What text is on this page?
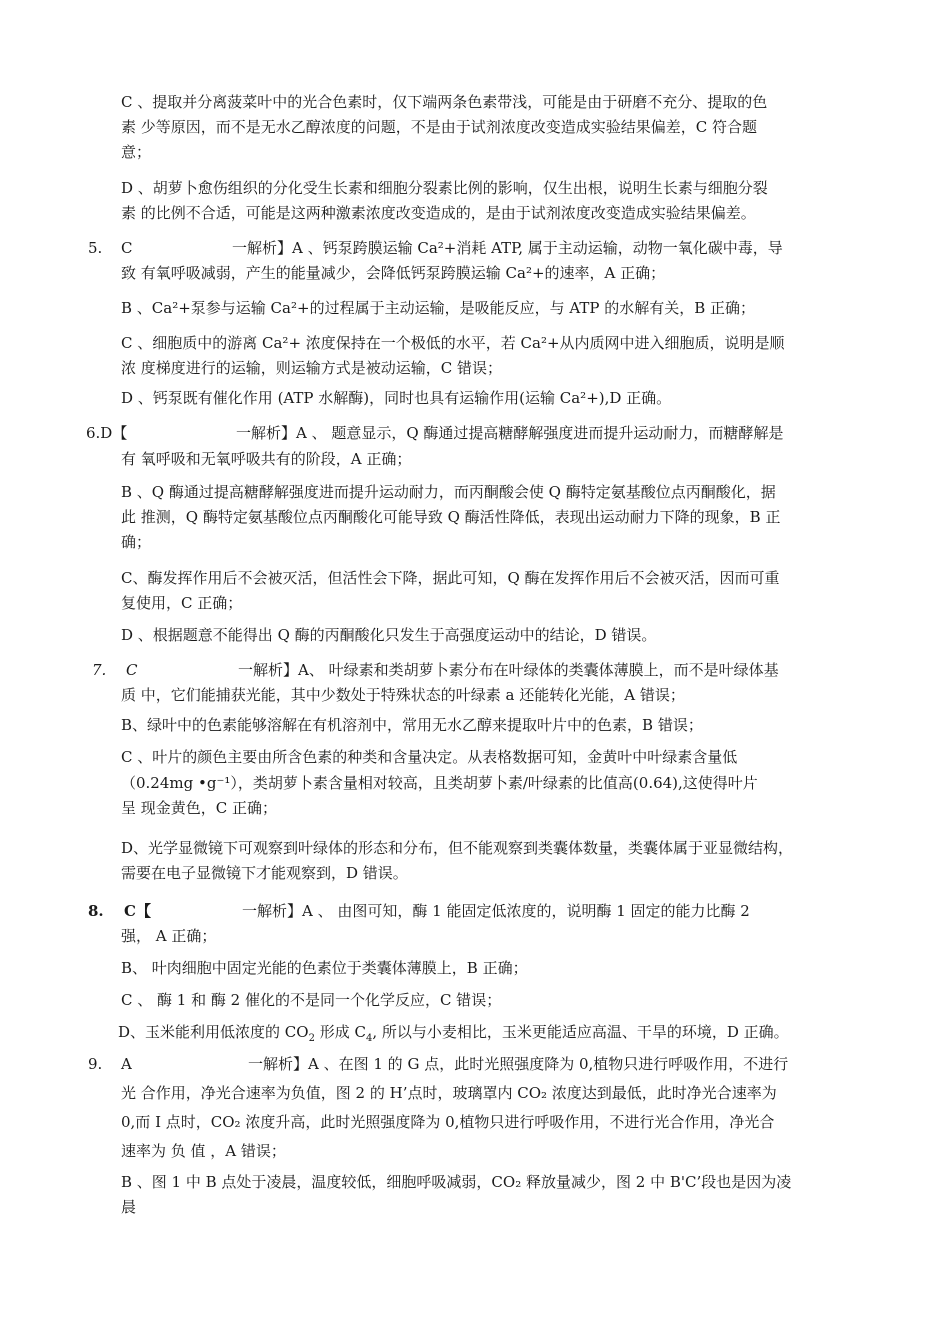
C 、提取并分离菠菜叶中的光合色素时，仅下端两条色素带浅，可能是由于研磨不充分、提取的色

素 少等原因，而不是无水乙醇浓度的问题，不是由于试剂浓度改变造成实验结果偏差，C 符合题

意；

D 、胡萝卜愈伤组织的分化受生长素和细胞分裂素比例的影响，仅生出根，说明生长素与细胞分裂

素 的比例不合适，可能是这两种激素浓度改变造成的，是由于试剂浓度改变造成实验结果偏差。

5. C	一解析】A 、钙泵跨膜运输 Ca²+消耗 ATP, 属于主动运输，动物一氧化碳中毒，导

致 有氧呼吸减弱，产生的能量减少，会降低钙泵跨膜运输 Ca²+的速率，A 正确；

B 、Ca²+泵参与运输 Ca²+的过程属于主动运输，是吸能反应，与 ATP 的水解有关，B 正确；

C 、细胞质中的游离 Ca²+ 浓度保持在一个极低的水平，若 Ca²+从内质网中进入细胞质，说明是顺

浓 度梯度进行的运输，则运输方式是被动运输，C 错误；

D 、钙泵既有催化作用 (ATP 水解酶)，同时也具有运输作用(运输 Ca²+),D 正确。

6.D【	一解析】A 、 题意显示，Q 酶通过提高糖酵解强度进而提升运动耐力，而糖酵解是

有 氧呼吸和无氧呼吸共有的阶段，A 正确；

B 、Q 酶通过提高糖酵解强度进而提升运动耐力，而丙酮酸会使 Q 酶特定氨基酸位点丙酮酸化，据

此 推测，Q 酶特定氨基酸位点丙酮酸化可能导致 Q 酶活性降低，表现出运动耐力下降的现象，B 正

确；

C、酶发挥作用后不会被灭活，但活性会下降，据此可知，Q 酶在发挥作用后不会被灭活，因而可重

复使用，C 正确；

D 、根据题意不能得出 Q 酶的丙酮酸化只发生于高强度运动中的结论，D 错误。

7. C	一解析】A、 叶绿素和类胡萝卜素分布在叶绿体的类囊体薄膜上，而不是叶绿体基

质 中，它们能捕获光能，其中少数处于特殊状态的叶绿素 a 还能转化光能，A 错误；

B、绿叶中的色素能够溶解在有机溶剂中，常用无水乙醇来提取叶片中的色素，B 错误；

C 、叶片的颜色主要由所含色素的种类和含量决定。从表格数据可知，金黄叶中叶绿素含量低

（0.24mg •g⁻¹），类胡萝卜素含量相对较高，且类胡萝卜素/叶绿素的比值高(0.64),这使得叶片

呈 现金黄色，C 正确；

D、光学显微镜下可观察到叶绿体的形态和分布，但不能观察到类囊体数量，类囊体属于亚显微结构，

需要在电子显微镜下才能观察到，D 错误。

8. C【	一解析】A 、 由图可知，酶 1 能固定低浓度的，说明酶 1 固定的能力比酶 2

强， A 正确；

B、 叶肉细胞中固定光能的色素位于类囊体薄膜上，B 正确；

C 、 酶 1 和 酶 2 催化的不是同一个化学反应，C 错误；

D、玉米能利用低浓度的 $CO_2$ 形成 $C_4$, 所以与小麦相比，玉米更能适应高温、干旱的环境，D 正确。

9. A	一解析】A 、在图 1 的 G 点，此时光照强度降为 0,植物只进行呼吸作用，不进行

光 合作用，净光合速率为负值，图 2 的 H’点时，玻璃罩内 CO₂ 浓度达到最低，此时净光合速率为

0,而 I 点时，CO₂ 浓度升高，此时光照强度降为 0,植物只进行呼吸作用，不进行光合作用，净光合

速率为 负 值 ，A 错误；

B 、图 1 中 B 点处于凌晨，温度较低，细胞呼吸减弱，CO₂ 释放量减少，图 2 中 B'C’段也是因为凌

晨
